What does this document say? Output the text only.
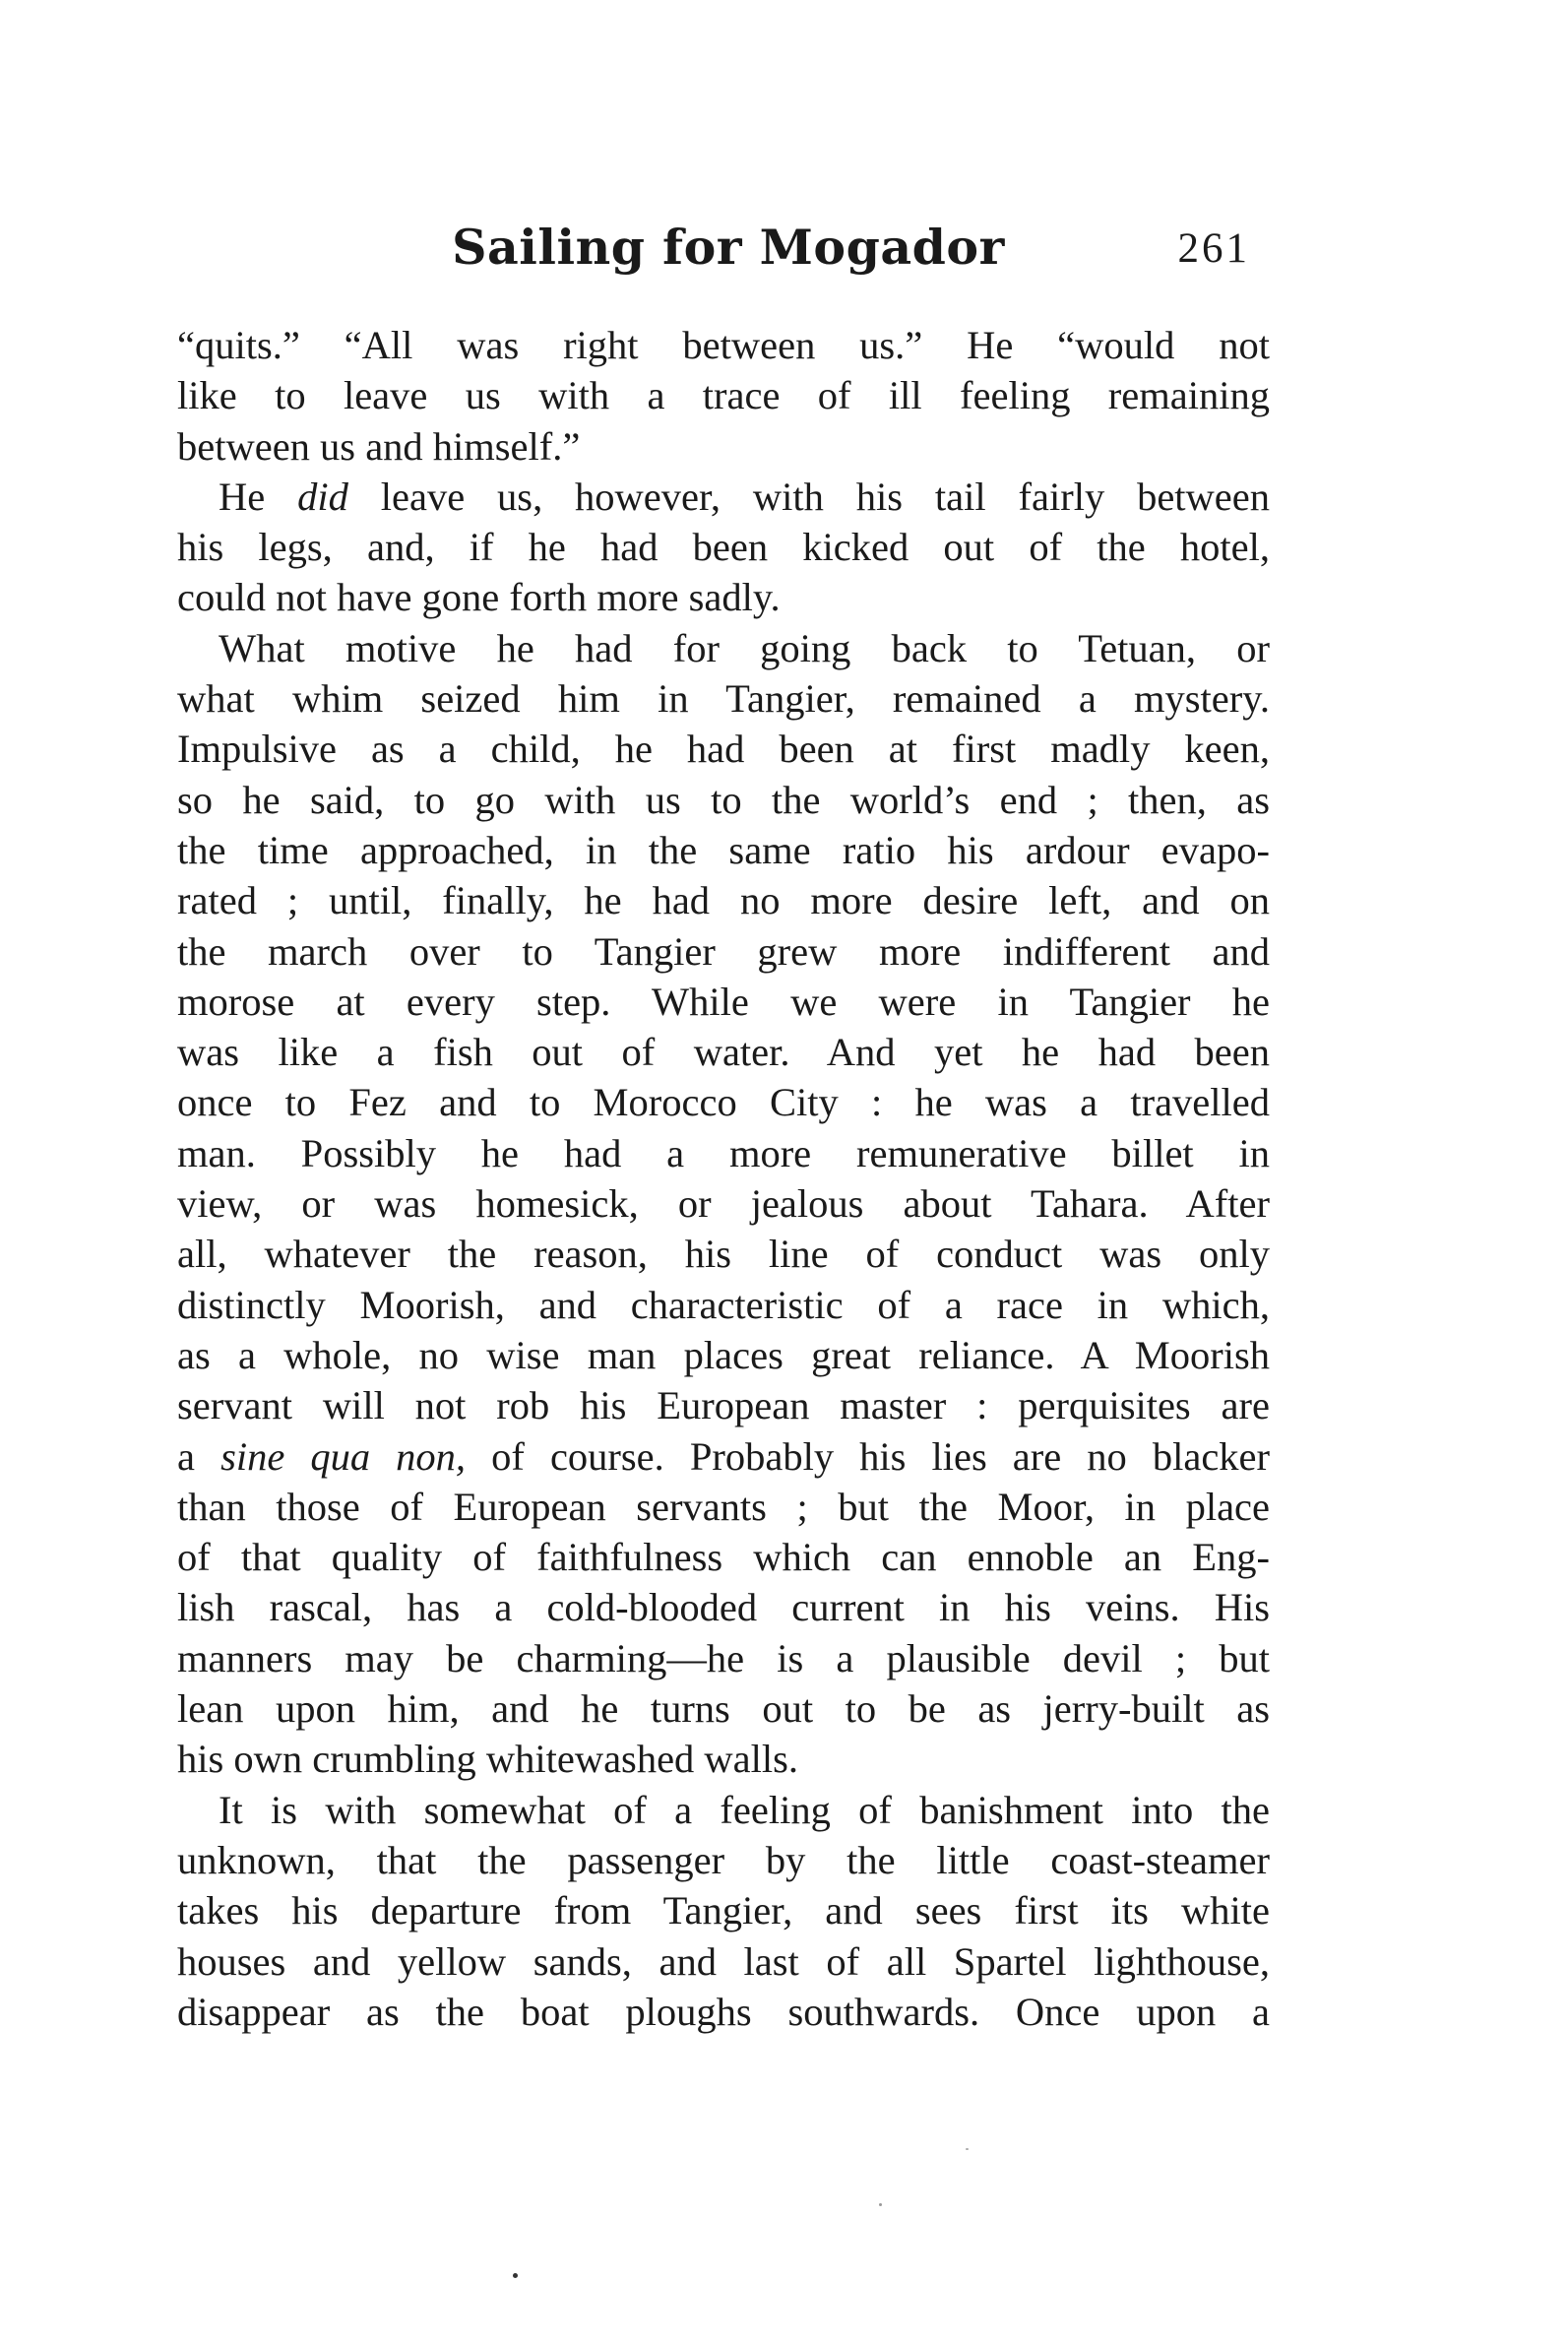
Sailing for Mogador	261
“quits.” “All was right between us.” He “would not
like to leave us with a trace of ill feeling remaining
between us and himself.”
He did leave us, however, with his tail fairly between
his legs, and, if he had been kicked out of the hotel,
could not have gone forth more sadly.
What motive he had for going back to Tetuan, or
what whim seized him in Tangier, remained a mystery.
Impulsive as a child, he had been at first madly keen,
so he said, to go with us to the world’s end ; then, as
the time approached, in the same ratio his ardour evapo-
rated ; until, finally, he had no more desire left, and on
the march over to Tangier grew more indifferent and
morose at every step. While we were in Tangier he
was like a fish out of water. And yet he had been
once to Fez and to Morocco City : he was a travelled
man. Possibly he had a more remunerative billet in
view, or was homesick, or jealous about Tahara. After
all, whatever the reason, his line of conduct was only
distinctly Moorish, and characteristic of a race in which,
as a whole, no wise man places great reliance. A Moorish
servant will not rob his European master : perquisites are
a sine qua non, of course. Probably his lies are no blacker
than those of European servants ; but the Moor, in place
of that quality of faithfulness which can ennoble an Eng-
lish rascal, has a cold-blooded current in his veins. His
manners may be charming—he is a plausible devil ; but
lean upon him, and he turns out to be as jerry-built as
his own crumbling whitewashed walls.
It is with somewhat of a feeling of banishment into the
unknown, that the passenger by the little coast-steamer
takes his departure from Tangier, and sees first its white
houses and yellow sands, and last of all Spartel lighthouse,
disappear as the boat ploughs southwards. Once upon a
